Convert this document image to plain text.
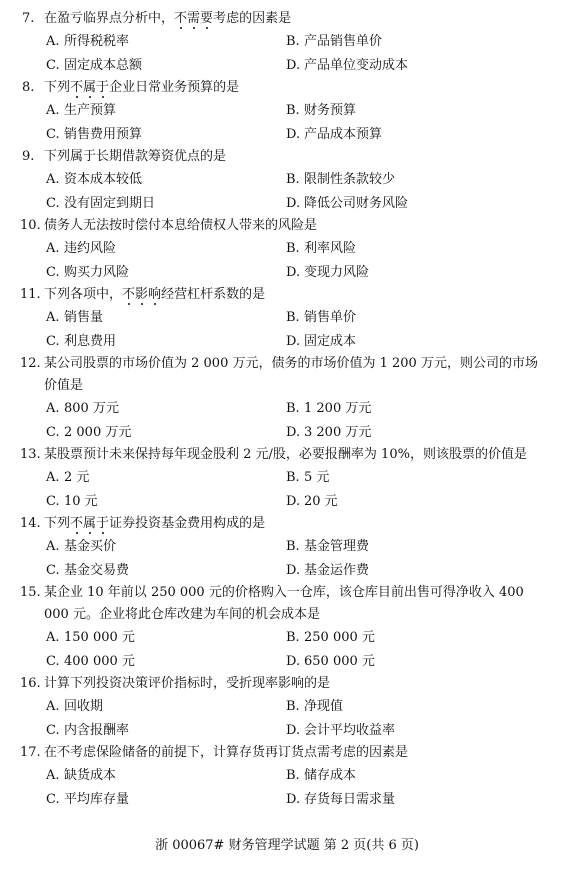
7. 在盈亏临界点分析中，不需要考虑的因素是
A. 所得税税率	B. 产品销售单价
C. 固定成本总额	D. 产品单位变动成本
8. 下列不属于企业日常业务预算的是
A. 生产预算	B. 财务预算
C. 销售费用预算	D. 产品成本预算
9. 下列属于长期借款筹资优点的是
A. 资本成本较低	B. 限制性条款较少
C. 没有固定到期日	D. 降低公司财务风险
10. 债务人无法按时偿付本息给债权人带来的风险是
A. 违约风险	B. 利率风险
C. 购买力风险	D. 变现力风险
11. 下列各项中，不影响经营杠杆系数的是
A. 销售量	B. 销售单价
C. 利息费用	D. 固定成本
12. 某公司股票的市场价值为 2 000 万元，债务的市场价值为 1 200 万元，则公司的市场价值是
A. 800 万元	B. 1 200 万元
C. 2 000 万元	D. 3 200 万元
13. 某股票预计未来保持每年现金股利 2 元/股，必要报酬率为 10%，则该股票的价值是
A. 2 元	B. 5 元
C. 10 元	D. 20 元
14. 下列不属于证券投资基金费用构成的是
A. 基金买价	B. 基金管理费
C. 基金交易费	D. 基金运作费
15. 某企业 10 年前以 250 000 元的价格购入一仓库，该仓库目前出售可得净收入 400 000 元。企业将此仓库改建为车间的机会成本是
A. 150 000 元	B. 250 000 元
C. 400 000 元	D. 650 000 元
16. 计算下列投资决策评价指标时，受折现率影响的是
A. 回收期	B. 净现值
C. 内含报酬率	D. 会计平均收益率
17. 在不考虑保险储备的前提下，计算存货再订货点需考虑的因素是
A. 缺货成本	B. 储存成本
C. 平均库存量	D. 存货每日需求量
浙 00067# 财务管理学试题 第 2 页(共 6 页)
